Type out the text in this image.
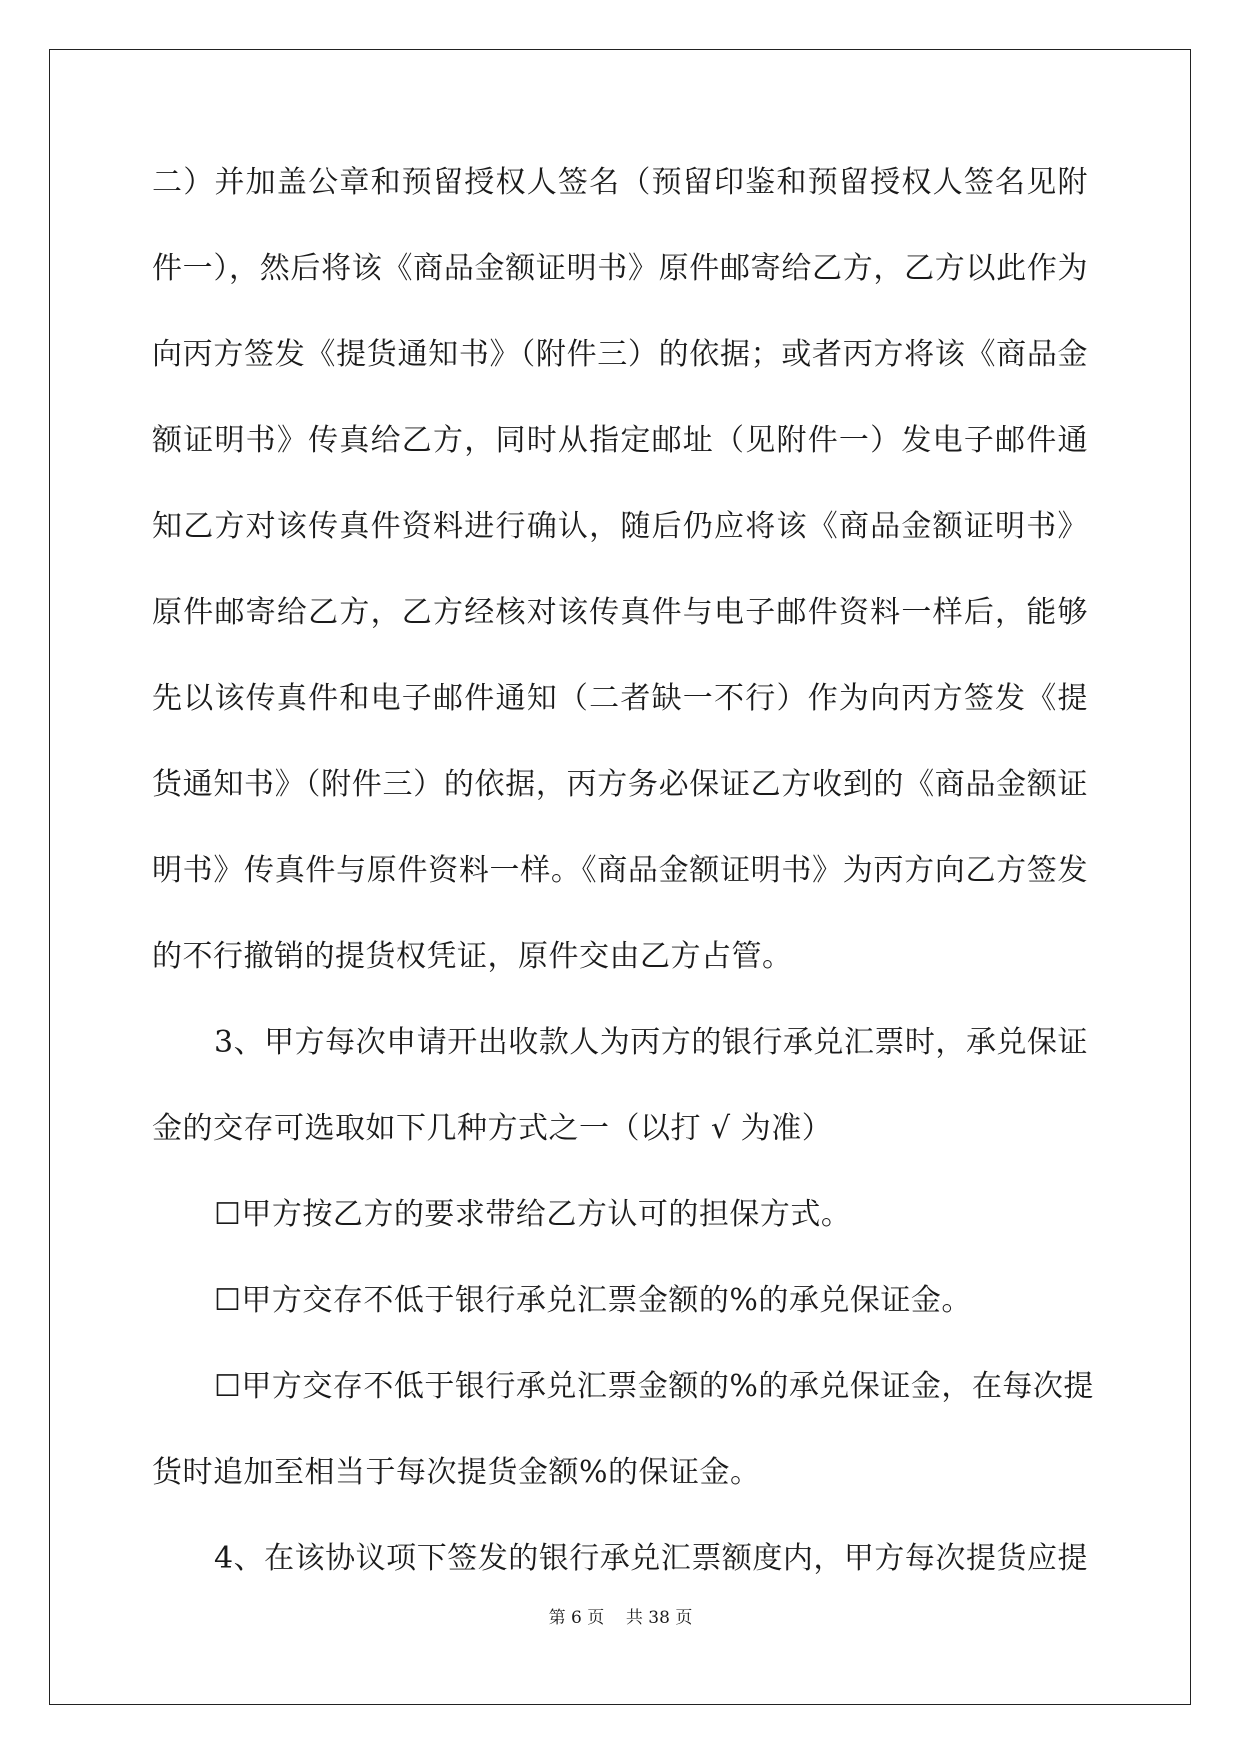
二）并加盖公章和预留授权人签名（预留印鉴和预留授权人签名见附
件一），然后将该《商品金额证明书》原件邮寄给乙方，乙方以此作为
向丙方签发《提货通知书》（附件三）的依据；或者丙方将该《商品金
额证明书》传真给乙方，同时从指定邮址（见附件一）发电子邮件通
知乙方对该传真件资料进行确认，随后仍应将该《商品金额证明书》
原件邮寄给乙方，乙方经核对该传真件与电子邮件资料一样后，能够
先以该传真件和电子邮件通知（二者缺一不行）作为向丙方签发《提
货通知书》（附件三）的依据，丙方务必保证乙方收到的《商品金额证
明书》传真件与原件资料一样。《商品金额证明书》为丙方向乙方签发
的不行撤销的提货权凭证，原件交由乙方占管。
3、甲方每次申请开出收款人为丙方的银行承兑汇票时，承兑保证
金的交存可选取如下几种方式之一（以打 √ 为准）
☐甲方按乙方的要求带给乙方认可的担保方式。
☐甲方交存不低于银行承兑汇票金额的%的承兑保证金。
☐甲方交存不低于银行承兑汇票金额的%的承兑保证金，在每次提
货时追加至相当于每次提货金额%的保证金。
4、在该协议项下签发的银行承兑汇票额度内，甲方每次提货应提
第 6 页    共 38 页
